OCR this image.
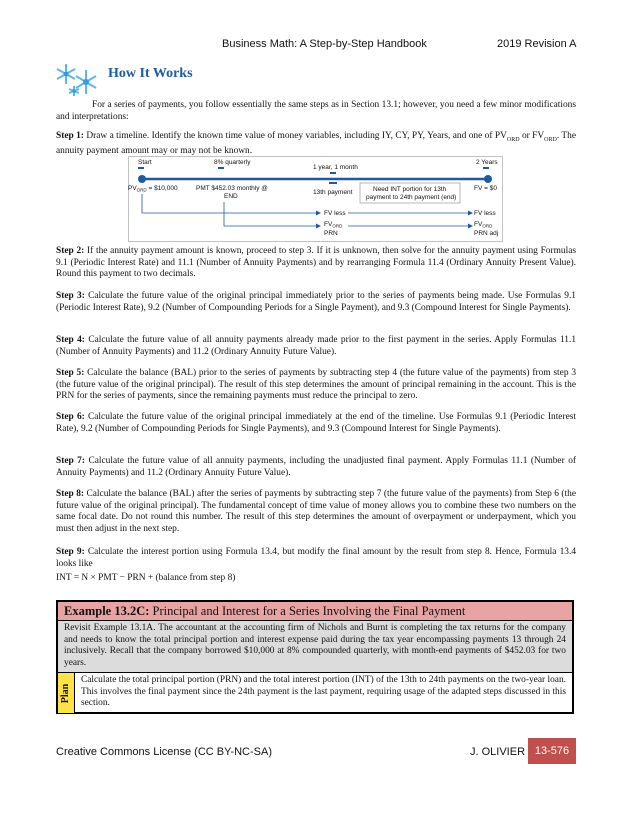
Business Math: A Step-by-Step Handbook	2019 Revision A
How It Works
For a series of payments, you follow essentially the same steps as in Section 13.1; however, you need a few minor modifications and interpretations:
Step 1: Draw a timeline. Identify the known time value of money variables, including IY, CY, PY, Years, and one of $PV_{ORD}$ or $FV_{ORD}$. The annuity payment amount may or may not be known.
Start	8% quarterly
1 year, 1 month
2 Years
$PV_{ORD}$ = $10,000	PMT $452.03 monthly @
END
13th payment	Need INT portion for 13th
payment to 24th payment (end)
FV = $0
FV less
$FV_{ORD}$
PRN
FV less
$FV_{ORD}$
PRN adj
Step 2: If the annuity payment amount is known, proceed to step 3. If it is unknown, then solve for the annuity payment using Formulas 9.1 (Periodic Interest Rate) and 11.1 (Number of Annuity Payments) and by rearranging Formula 11.4 (Ordinary Annuity Present Value). Round this payment to two decimals.
Step 3: Calculate the future value of the original principal immediately prior to the series of payments being made. Use Formulas 9.1 (Periodic Interest Rate), 9.2 (Number of Compounding Periods for a Single Payment), and 9.3 (Compound Interest for Single Payments).
Step 4: Calculate the future value of all annuity payments already made prior to the first payment in the series. Apply Formulas 11.1 (Number of Annuity Payments) and 11.2 (Ordinary Annuity Future Value).
Step 5: Calculate the balance (BAL) prior to the series of payments by subtracting step 4 (the future value of the payments) from step 3 (the future value of the original principal). The result of this step determines the amount of principal remaining in the account. This is the PRN for the series of payments, since the remaining payments must reduce the principal to zero.
Step 6: Calculate the future value of the original principal immediately at the end of the timeline. Use Formulas 9.1 (Periodic Interest Rate), 9.2 (Number of Compounding Periods for Single Payments), and 9.3 (Compound Interest for Single Payments).
Step 7: Calculate the future value of all annuity payments, including the unadjusted final payment. Apply Formulas 11.1 (Number of Annuity Payments) and 11.2 (Ordinary Annuity Future Value).
Step 8: Calculate the balance (BAL) after the series of payments by subtracting step 7 (the future value of the payments) from Step 6 (the future value of the original principal). The fundamental concept of time value of money allows you to combine these two numbers on the same focal date. Do not round this number. The result of this step determines the amount of overpayment or underpayment, which you must then adjust in the next step.
Step 9: Calculate the interest portion using Formula 13.4, but modify the final amount by the result from step 8. Hence, Formula 13.4 looks like
INT = N × PMT − PRN + (balance from step 8)
Example 13.2C: Principal and Interest for a Series Involving the Final Payment
Revisit Example 13.1A. The accountant at the accounting firm of Nichols and Burnt is completing the tax returns for the company and needs to know the total principal portion and interest expense paid during the tax year encompassing payments 13 through 24 inclusively. Recall that the company borrowed $10,000 at 8% compounded quarterly, with month-end payments of $452.03 for two years.
Plan
Calculate the total principal portion (PRN) and the total interest portion (INT) of the 13th to 24th payments on the two-year loan. This involves the final payment since the 24th payment is the last payment, requiring usage of the adapted steps discussed in this section.
Creative Commons License (CC BY-NC-SA)	J. OLIVIER 13-576
